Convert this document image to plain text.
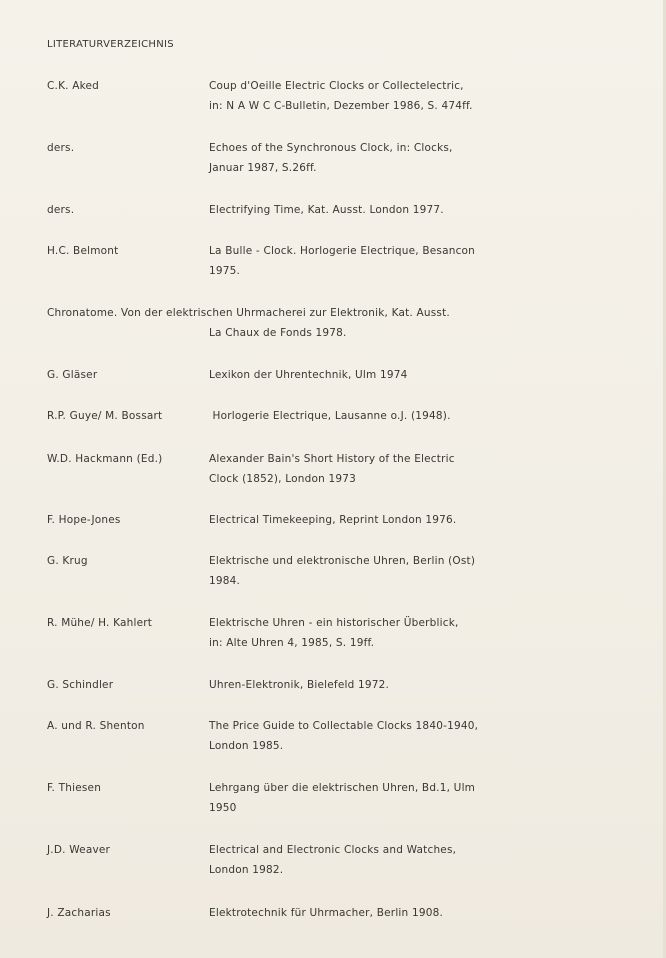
LITERATURVERZEICHNIS
C.K. Aked	Coup d'Oeille Electric Clocks or Collectelectric,
in: N A W C C-Bulletin, Dezember 1986, S. 474ff.
ders.	Echoes of the Synchronous Clock, in: Clocks,
Januar 1987, S.26ff.
ders.	Electrifying Time, Kat. Ausst. London 1977.
H.C. Belmont	La Bulle - Clock. Horlogerie Electrique, Besancon
1975.
Chronatome. Von der elektrischen Uhrmacherei zur Elektronik, Kat. Ausst.
La Chaux de Fonds 1978.
G. Gläser	Lexikon der Uhrentechnik, Ulm 1974
R.P. Guye/ M. Bossart	Horlogerie Electrique, Lausanne o.J. (1948).
W.D. Hackmann (Ed.)	Alexander Bain's Short History of the Electric
Clock (1852), London 1973
F. Hope-Jones	Electrical Timekeeping, Reprint London 1976.
G. Krug	Elektrische und elektronische Uhren, Berlin (Ost)
1984.
R. Mühe/ H. Kahlert	Elektrische Uhren - ein historischer Überblick,
in: Alte Uhren 4, 1985, S. 19ff.
G. Schindler	Uhren-Elektronik, Bielefeld 1972.
A. und R. Shenton	The Price Guide to Collectable Clocks 1840-1940,
London 1985.
F. Thiesen	Lehrgang über die elektrischen Uhren, Bd.1, Ulm
1950
J.D. Weaver	Electrical and Electronic Clocks and Watches,
London 1982.
J. Zacharias	Elektrotechnik für Uhrmacher, Berlin 1908.
